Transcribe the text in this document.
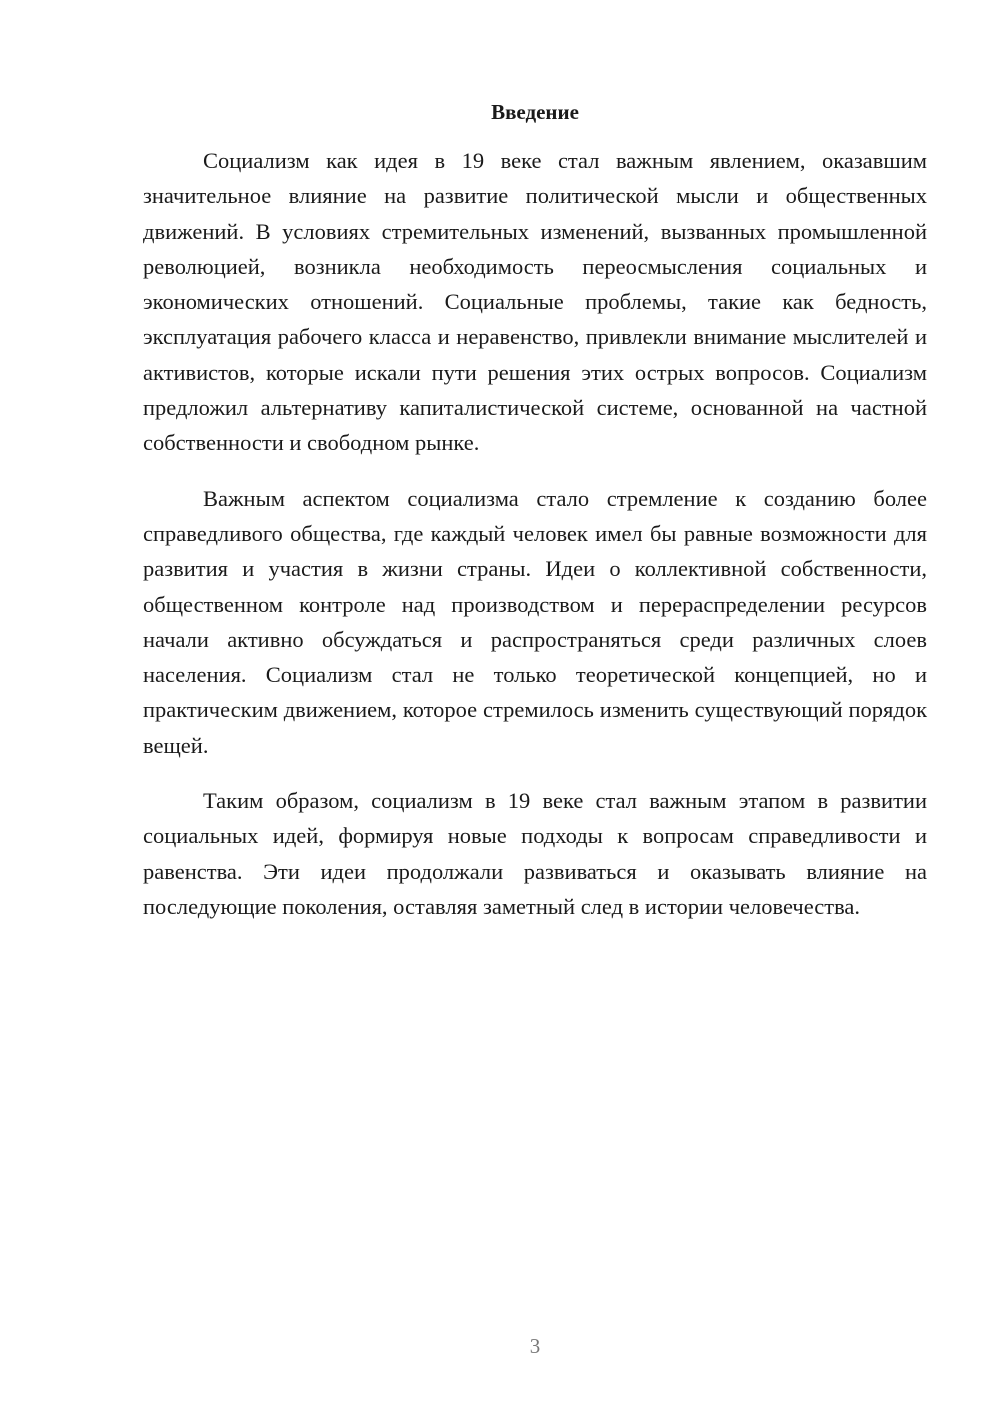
Введение

Социализм как идея в 19 веке стал важным явлением, оказавшим значительное влияние на развитие политической мысли и общественных движений. В условиях стремительных изменений, вызванных промышленной революцией, возникла необходимость переосмысления социальных и экономических отношений. Социальные проблемы, такие как бедность, эксплуатация рабочего класса и неравенство, привлекли внимание мыслителей и активистов, которые искали пути решения этих острых вопросов. Социализм предложил альтернативу капиталистической системе, основанной на частной собственности и свободном рынке.

Важным аспектом социализма стало стремление к созданию более справедливого общества, где каждый человек имел бы равные возможности для развития и участия в жизни страны. Идеи о коллективной собственности, общественном контроле над производством и перераспределении ресурсов начали активно обсуждаться и распространяться среди различных слоев населения. Социализм стал не только теоретической концепцией, но и практическим движением, которое стремилось изменить существующий порядок вещей.

Таким образом, социализм в 19 веке стал важным этапом в развитии социальных идей, формируя новые подходы к вопросам справедливости и равенства. Эти идеи продолжали развиваться и оказывать влияние на последующие поколения, оставляя заметный след в истории человечества.

3
